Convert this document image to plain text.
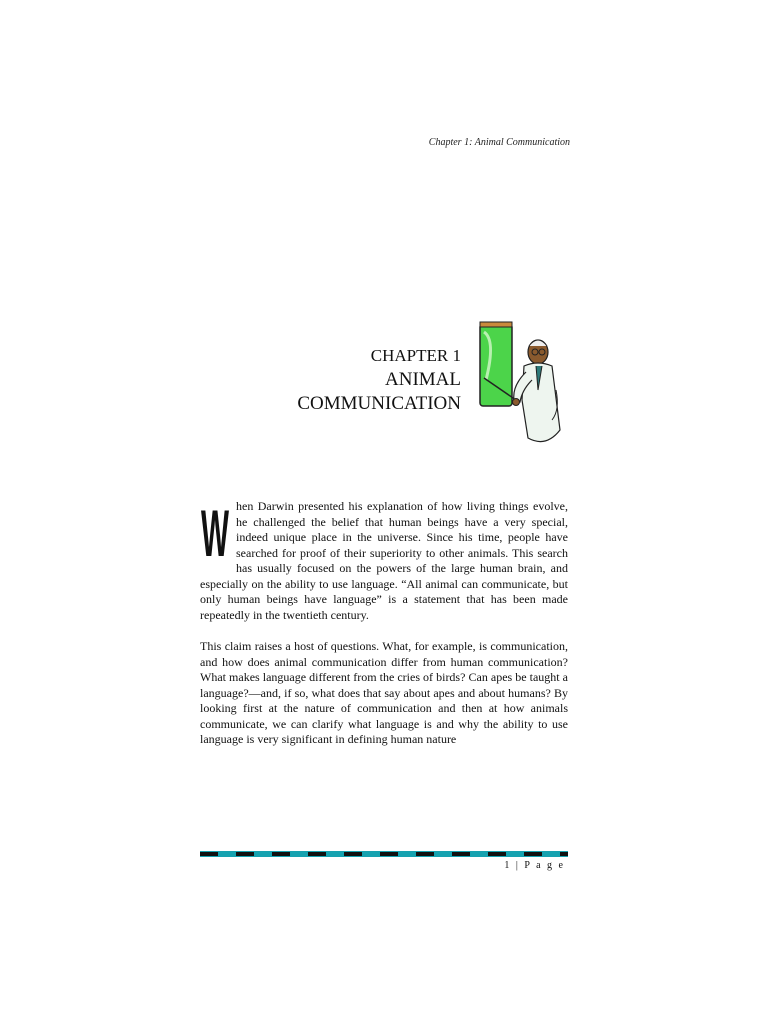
Chapter 1: Animal Communication
CHAPTER 1
ANIMAL
COMMUNICATION

W hen Darwin presented his explanation of how living things evolve, he challenged the belief that human beings have a very special, indeed unique place in the universe. Since his time, people have searched for proof of their superiority to other animals. This search has usually focused on the powers of the large human brain, and especially on the ability to use language. “All animal can communicate, but only human beings have language” is a statement that has been made repeatedly in the twentieth century.

This claim raises a host of questions. What, for example, is communication, and how does animal communication differ from human communication? What makes language different from the cries of birds? Can apes be taught a language?—and, if so, what does that say about apes and about humans? By looking first at the nature of communication and then at how animals communicate, we can clarify what language is and why the ability to use language is very significant in defining human nature

1 | P a g e
